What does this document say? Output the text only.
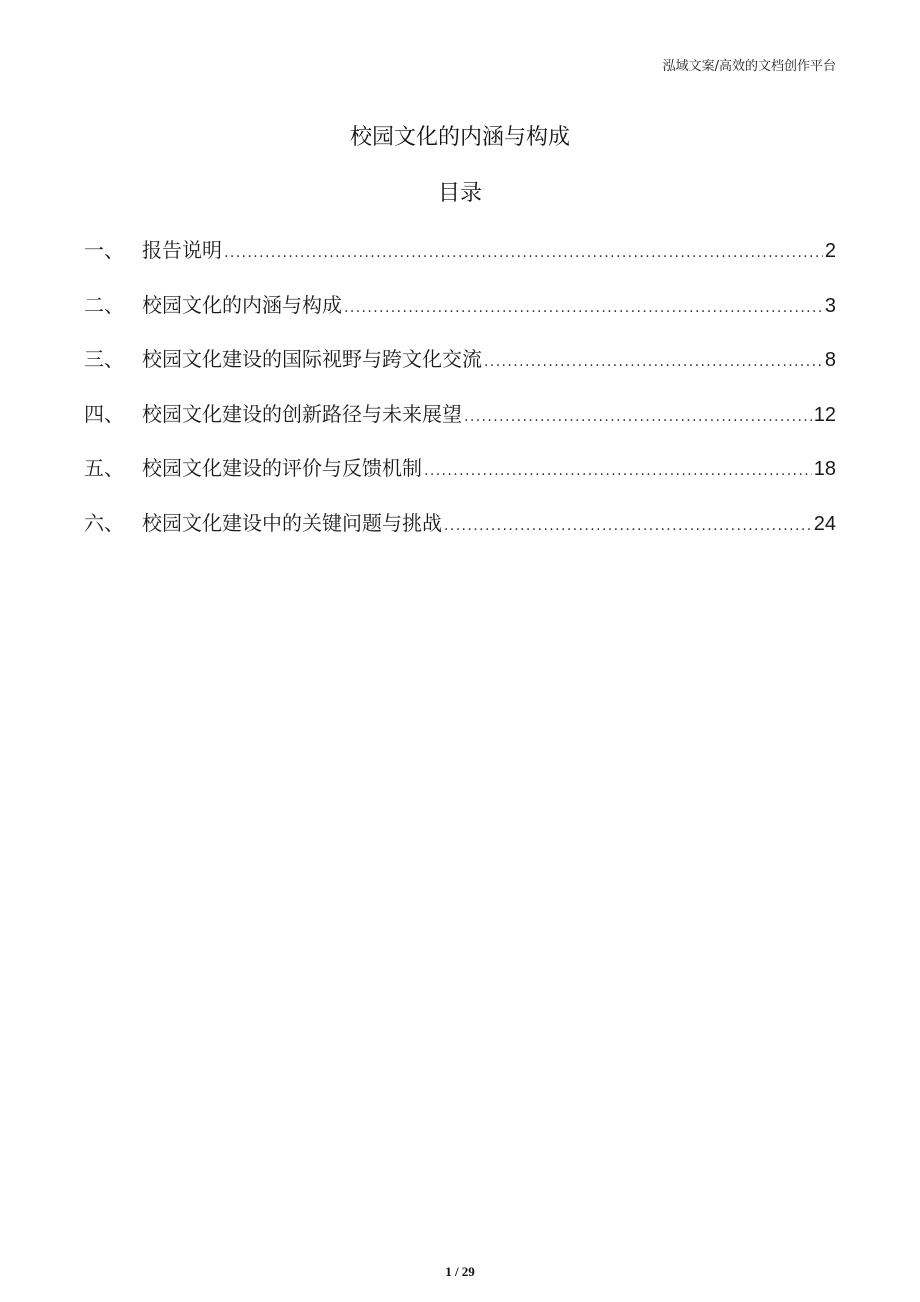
泓域文案/高效的文档创作平台
校园文化的内涵与构成
目录
一、 报告说明 .....	2
二、 校园文化的内涵与构成 .....	3
三、 校园文化建设的国际视野与跨文化交流 .....	8
四、 校园文化建设的创新路径与未来展望 .....	12
五、 校园文化建设的评价与反馈机制 .....	18
六、 校园文化建设中的关键问题与挑战 .....	24
1 / 29
